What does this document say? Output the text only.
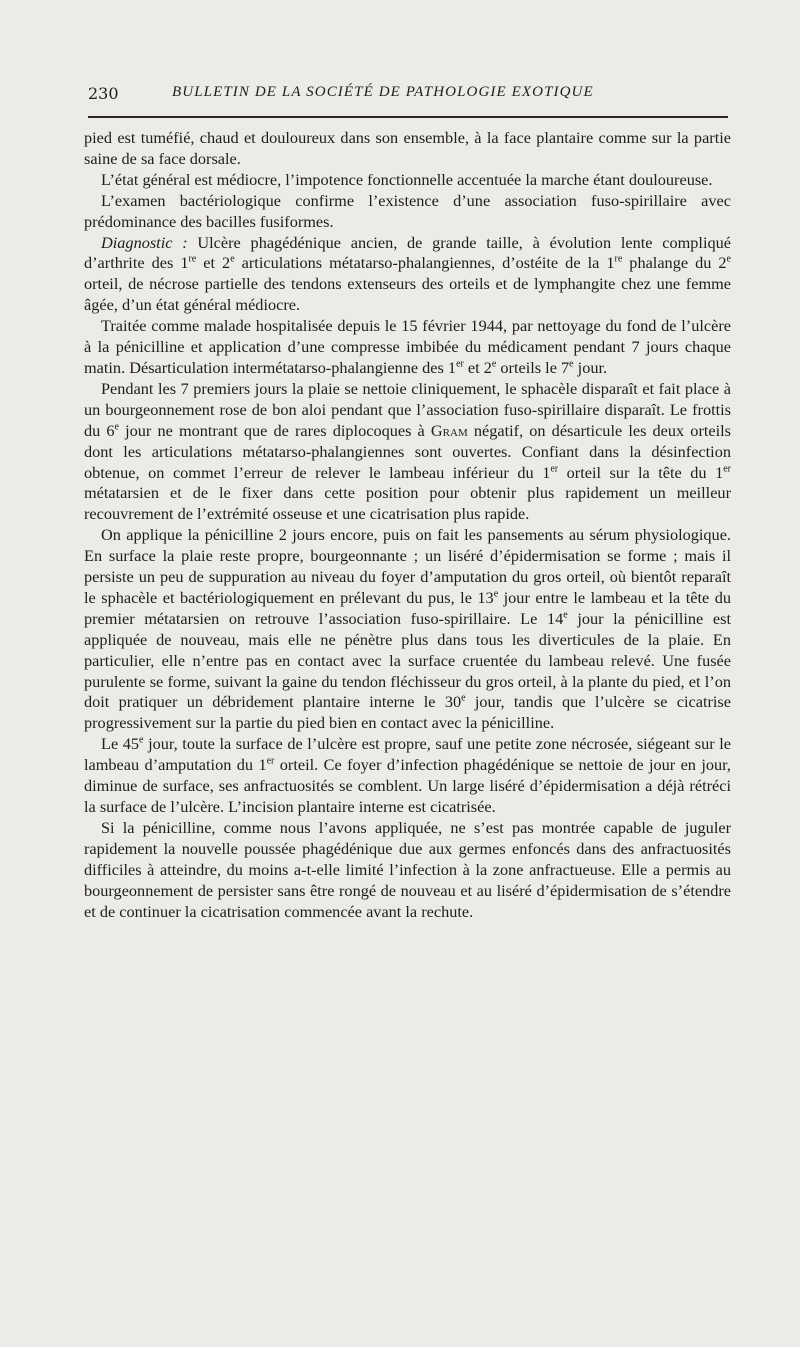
230	BULLETIN DE LA SOCIÉTÉ DE PATHOLOGIE EXOTIQUE

pied est tuméfié, chaud et douloureux dans son ensemble, à la face plantaire comme sur la partie saine de sa face dorsale.

L’état général est médiocre, l’impotence fonctionnelle accentuée la marche étant douloureuse.

L’examen bactériologique confirme l’existence d’une association fuso-spirillaire avec prédominance des bacilles fusiformes.

Diagnostic : Ulcère phagédénique ancien, de grande taille, à évolution lente compliqué d’arthrite des 1re et 2e articulations métatarso-phalangiennes, d’ostéite de la 1re phalange du 2e orteil, de nécrose partielle des tendons extenseurs des orteils et de lymphangite chez une femme âgée, d’un état général médiocre.

Traitée comme malade hospitalisée depuis le 15 février 1944, par nettoyage du fond de l’ulcère à la pénicilline et application d’une compresse imbibée du médicament pendant 7 jours chaque matin. Désarticulation intermétatarso-phalangienne des 1er et 2e orteils le 7e jour.

Pendant les 7 premiers jours la plaie se nettoie cliniquement, le sphacèle disparaît et fait place à un bourgeonnement rose de bon aloi pendant que l’association fuso-spirillaire disparaît. Le frottis du 6e jour ne montrant que de rares diplocoques à Gram négatif, on désarticule les deux orteils dont les articulations métatarso-phalangiennes sont ouvertes. Confiant dans la désinfection obtenue, on commet l’erreur de relever le lambeau inférieur du 1er orteil sur la tête du 1er métatarsien et de le fixer dans cette position pour obtenir plus rapidement un meilleur recouvrement de l’extrémité osseuse et une cicatrisation plus rapide.

On applique la pénicilline 2 jours encore, puis on fait les pansements au sérum physiologique. En surface la plaie reste propre, bourgeonnante ; un liséré d’épidermisation se forme ; mais il persiste un peu de suppuration au niveau du foyer d’amputation du gros orteil, où bientôt reparaît le sphacèle et bactériologiquement en prélevant du pus, le 13e jour entre le lambeau et la tête du premier métatarsien on retrouve l’association fuso-spirillaire. Le 14e jour la pénicilline est appliquée de nouveau, mais elle ne pénètre plus dans tous les diverticules de la plaie. En particulier, elle n’entre pas en contact avec la surface cruentée du lambeau relevé. Une fusée purulente se forme, suivant la gaine du tendon fléchisseur du gros orteil, à la plante du pied, et l’on doit pratiquer un débridement plantaire interne le 30e jour, tandis que l’ulcère se cicatrise progressivement sur la partie du pied bien en contact avec la pénicilline.

Le 45e jour, toute la surface de l’ulcère est propre, sauf une petite zone nécrosée, siégeant sur le lambeau d’amputation du 1er orteil. Ce foyer d’infection phagédénique se nettoie de jour en jour, diminue de surface, ses anfractuosités se comblent. Un large liséré d’épidermisation a déjà rétréci la surface de l’ulcère. L’incision plantaire interne est cicatrisée.

Si la pénicilline, comme nous l’avons appliquée, ne s’est pas montrée capable de juguler rapidement la nouvelle poussée phagédénique due aux germes enfoncés dans des anfractuosités difficiles à atteindre, du moins a-t-elle limité l’infection à la zone anfractueuse. Elle a permis au bourgeonnement de persister sans être rongé de nouveau et au liséré d’épidermisation de s’étendre et de continuer la cicatrisation commencée avant la rechute.
